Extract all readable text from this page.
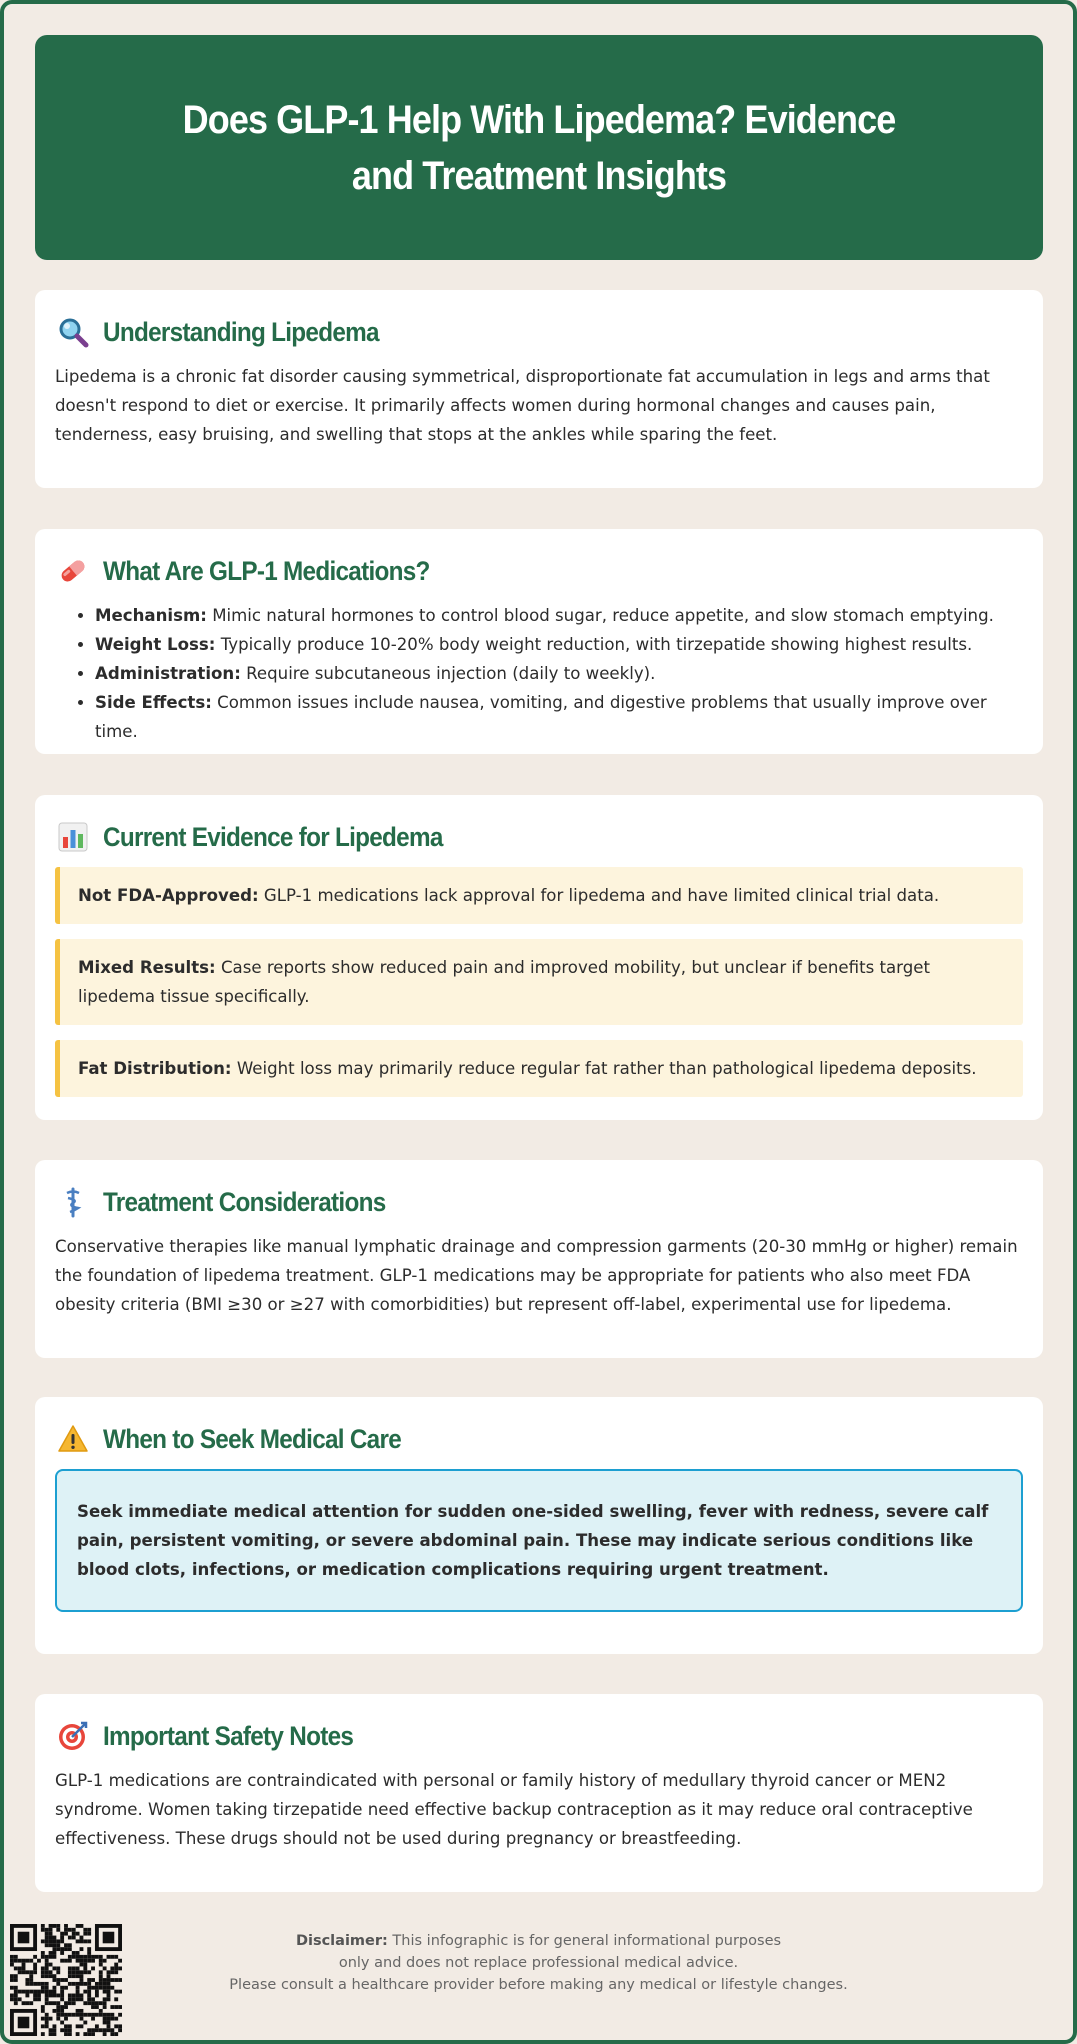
Does GLP-1 Help With Lipedema? Evidence and Treatment Insights
Understanding Lipedema

Lipedema is a chronic fat disorder causing symmetrical, disproportionate fat accumulation in legs and arms that doesn't respond to diet or exercise. It primarily affects women during hormonal changes and causes pain, tenderness, easy bruising, and swelling that stops at the ankles while sparing the feet.

What Are GLP-1 Medications?
• Mechanism: Mimic natural hormones to control blood sugar, reduce appetite, and slow stomach emptying.
• Weight Loss: Typically produce 10-20% body weight reduction, with tirzepatide showing highest results.
• Administration: Require subcutaneous injection (daily to weekly).
• Side Effects: Common issues include nausea, vomiting, and digestive problems that usually improve over time.
Current Evidence for Lipedema
Not FDA-Approved: GLP-1 medications lack approval for lipedema and have limited clinical trial data.
Mixed Results: Case reports show reduced pain and improved mobility, but unclear if benefits target lipedema tissue specifically.
Fat Distribution: Weight loss may primarily reduce regular fat rather than pathological lipedema deposits.
Treatment Considerations

Conservative therapies like manual lymphatic drainage and compression garments (20-30 mmHg or higher) remain the foundation of lipedema treatment. GLP-1 medications may be appropriate for patients who also meet FDA obesity criteria (BMI ≥30 or ≥27 with comorbidities) but represent off-label, experimental use for lipedema.

When to Seek Medical Care
Seek immediate medical attention for sudden one-sided swelling, fever with redness, severe calf pain, persistent vomiting, or severe abdominal pain. These may indicate serious conditions like blood clots, infections, or medication complications requiring urgent treatment.
Important Safety Notes

GLP-1 medications are contraindicated with personal or family history of medullary thyroid cancer or MEN2 syndrome. Women taking tirzepatide need effective backup contraception as it may reduce oral contraceptive effectiveness. These drugs should not be used during pregnancy or breastfeeding.

Disclaimer: This infographic is for general informational purposes
only and does not replace professional medical advice.
Please consult a healthcare provider before making any medical or lifestyle changes.
